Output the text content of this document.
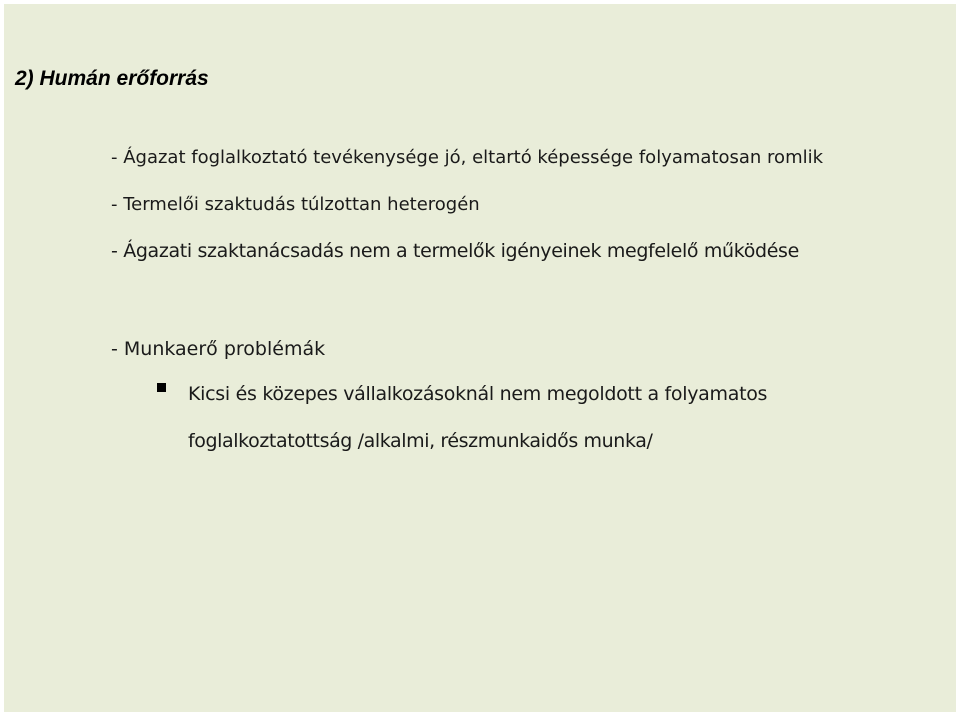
2) Humán erőforrás

- Ágazat foglalkoztató tevékenysége jó, eltartó képessége folyamatosan romlik

- Termelői szaktudás túlzottan heterogén

- Ágazati szaktanácsadás nem a termelők igényeinek megfelelő működése

- Munkaerő problémák

Kicsi és közepes vállalkozásoknál nem megoldott a folyamatos

foglalkoztatottság /alkalmi, részmunkaidős munka/
